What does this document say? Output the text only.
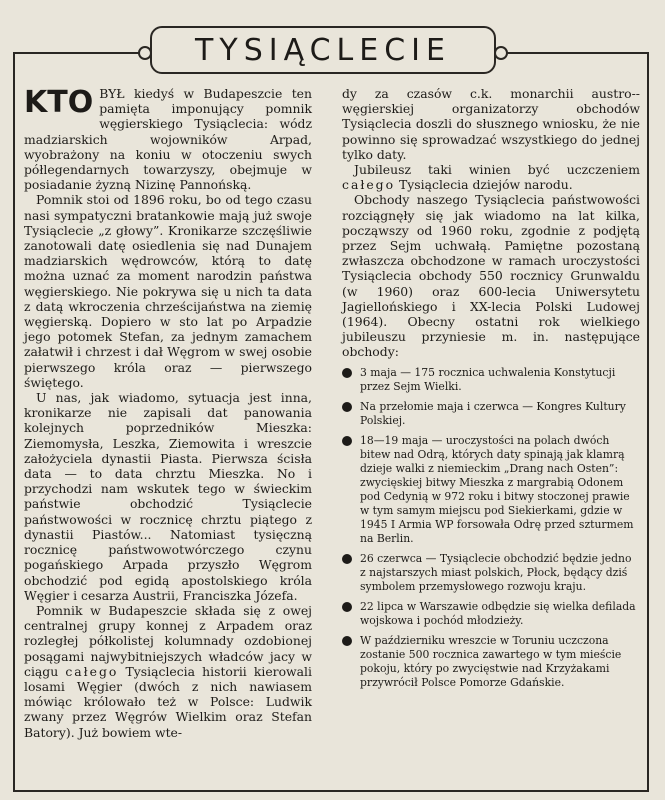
TYSIĄCLECIE

KTO BYŁ kiedyś w Budapeszcie ten pamięta imponujący pomnik węgierskiego Tysiąclecia: wódz madziarskich wojowników Arpad, wyobrażony na koniu w otoczeniu swych półlegendarnych towarzyszy, obejmuje w posiadanie żyzną Nizinę Pannońską.

Pomnik stoi od 1896 roku, bo od tego czasu nasi sympatyczni bratankowie mają już swoje Tysiąclecie „z głowy”. Kronikarze szczęśliwie zanotowali datę osiedlenia się nad Dunajem madziarskich wędrowców, którą to datę można uznać za moment narodzin państwa węgierskiego. Nie pokrywa się u nich ta data z datą wkroczenia chrześcijaństwa na ziemię węgierską. Dopiero w sto lat po Arpadzie jego potomek Stefan, za jednym zamachem załatwił i chrzest i dał Węgrom w swej osobie pierwszego króla oraz — pierwszego świętego.

U nas, jak wiadomo, sytuacja jest inna, kronikarze nie zapisali dat panowania kolejnych poprzedników Mieszka: Ziemomysła, Leszka, Ziemowita i wreszcie założyciela dynastii Piasta. Pierwsza ścisła data — to data chrztu Mieszka. No i przychodzi nam wskutek tego w świeckim państwie obchodzić Tysiąclecie państwowości w rocznicę chrztu piątego z dynastii Piastów... Natomiast tysięczną rocznicę państwowotwórczego czynu pogańskiego Arpada przyszło Węgrom obchodzić pod egidą apostolskiego króla Węgier i cesarza Austrii, Franciszka Józefa.

Pomnik w Budapeszcie składa się z owej centralnej grupy konnej z Arpadem oraz rozległej półkolistej kolumnady ozdobionej posągami najwybitniejszych władców jacy w ciągu całego Tysiąclecia historii kierowali losami Węgier (dwóch z nich nawiasem mówiąc królowało też w Polsce: Ludwik zwany przez Węgrów Wielkim oraz Stefan Batory). Już bowiem wte-

dy za czasów c.k. monarchii austro--węgierskiej organizatorzy obchodów Tysiąclecia doszli do słusznego wniosku, że nie powinno się sprowadzać wszystkiego do jednej tylko daty.

Jubileusz taki winien być uczczeniem całego Tysiąclecia dziejów narodu.

Obchody naszego Tysiąclecia państwowości rozciągnęły się jak wiadomo na lat kilka, począwszy od 1960 roku, zgodnie z podjętą przez Sejm uchwałą. Pamiętne pozostaną zwłaszcza obchodzone w ramach uroczystości Tysiąclecia obchody 550 rocznicy Grunwaldu (w 1960) oraz 600-lecia Uniwersytetu Jagiellońskiego i XX-lecia Polski Ludowej (1964). Obecny ostatni rok wielkiego jubileuszu przyniesie m. in. następujące obchody:

3 maja — 175 rocznica uchwalenia Konstytucji przez Sejm Wielki.
Na przełomie maja i czerwca — Kongres Kultury Polskiej.
18—19 maja — uroczystości na polach dwóch bitew nad Odrą, których daty spinają jak klamrą dzieje walki z niemieckim „Drang nach Osten”: zwycięskiej bitwy Mieszka z margrabią Odonem pod Cedynią w 972 roku i bitwy stoczonej prawie w tym samym miejscu pod Siekierkami, gdzie w 1945 I Armia WP forsowała Odrę przed szturmem na Berlin.
26 czerwca — Tysiąclecie obchodzić będzie jedno z najstarszych miast polskich, Płock, będący dziś symbolem przemysłowego rozwoju kraju.
22 lipca w Warszawie odbędzie się wielka defilada wojskowa i pochód młodzieży.
W październiku wreszcie w Toruniu uczczona zostanie 500 rocznica zawartego w tym mieście pokoju, który po zwycięstwie nad Krzyżakami przywrócił Polsce Pomorze Gdańskie.
